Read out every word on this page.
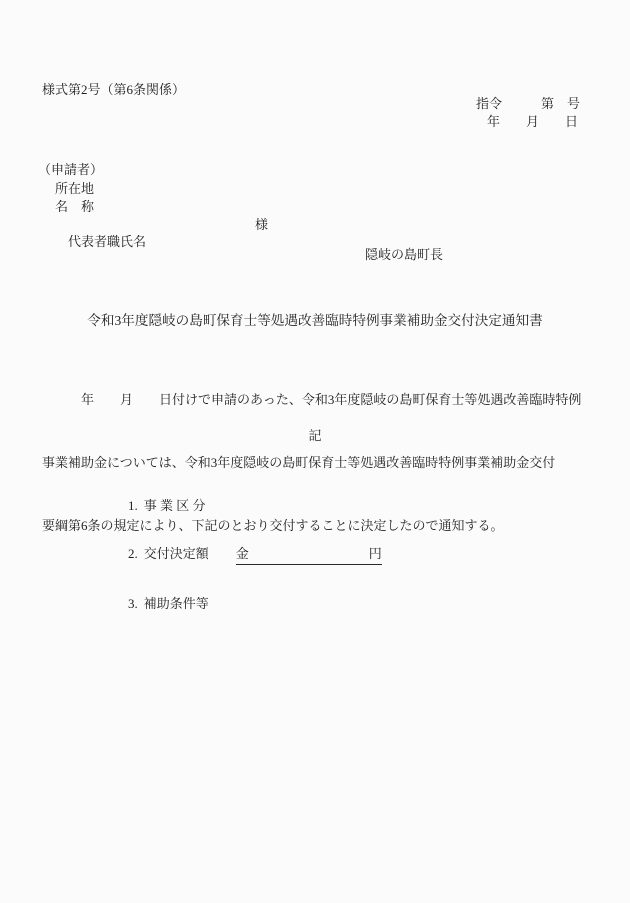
様式第2号（第6条関係）
指令　　　第　号
年　　月　　日
（申請者）
所在地
名　称

代表者職氏名

様

隠岐の島町長
令和3年度隠岐の島町保育士等処遇改善臨時特例事業補助金交付決定通知書

　　　年　　月　　日付けで申請のあった、令和3年度隠岐の島町保育士等処遇改善臨時特例

事業補助金については、令和3年度隠岐の島町保育士等処遇改善臨時特例事業補助金交付

要綱第6条の規定により、下記のとおり交付することに決定したので通知する。

記

1. 事 業 区 分

2. 交付決定額 金	円

3. 補助条件等
